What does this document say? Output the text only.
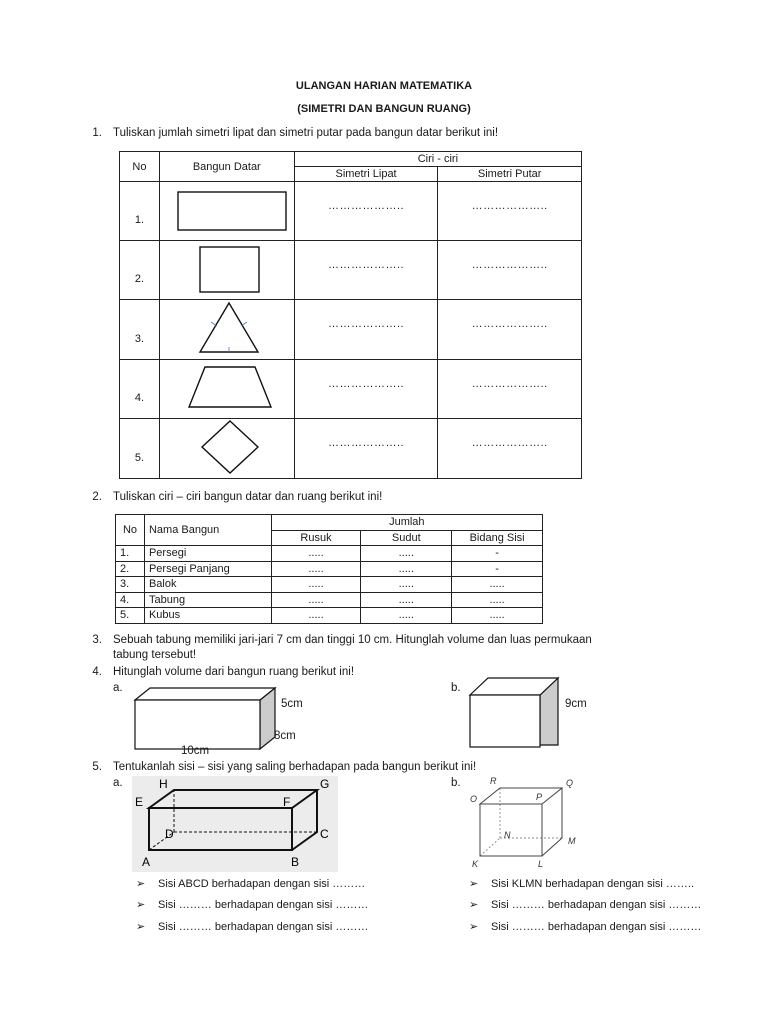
ULANGAN HARIAN MATEMATIKA
(SIMETRI DAN BANGUN RUANG)
1. Tuliskan jumlah simetri lipat dan simetri putar pada bangun datar berikut ini!
No	Bangun Datar	Ciri - ciri	
		Simetri Lipat	Simetri Putar
1.		………………..	………………..
2.		………………..	………………..
3.		………………..	………………..
4.		………………..	………………..
5.		………………..	………………..
2. Tuliskan ciri – ciri bangun datar dan ruang berikut ini!
No	Nama Bangun	Jumlah		
		Rusuk	Sudut	Bidang Sisi
1.	Persegi	.....	.....	-
2.	Persegi Panjang	.....	.....	-
3.	Balok	.....	.....	.....
4.	Tabung	.....	.....	.....
5.	Kubus	.....	.....	.....
3. Sebuah tabung memiliki jari-jari 7 cm dan tinggi 10 cm. Hitunglah volume dan luas permukaan
tabung tersebut!
4. Hitunglah volume dari bangun ruang berikut ini!
a.	b.
5cm
8cm
10cm
9cm
5. Tentukanlah sisi – sisi yang saling berhadapan pada bangun berikut ini!
a.	b.
A	B
C
D
E	F
G
H
K	L
M
N
O	P
Q
R
➢ Sisi ABCD berhadapan dengan sisi ………
➢ Sisi ……… berhadapan dengan sisi ………
➢ Sisi ……… berhadapan dengan sisi ………
➢ Sisi KLMN berhadapan dengan sisi ……..
➢ Sisi ……… berhadapan dengan sisi ………
➢ Sisi ……… berhadapan dengan sisi ………
